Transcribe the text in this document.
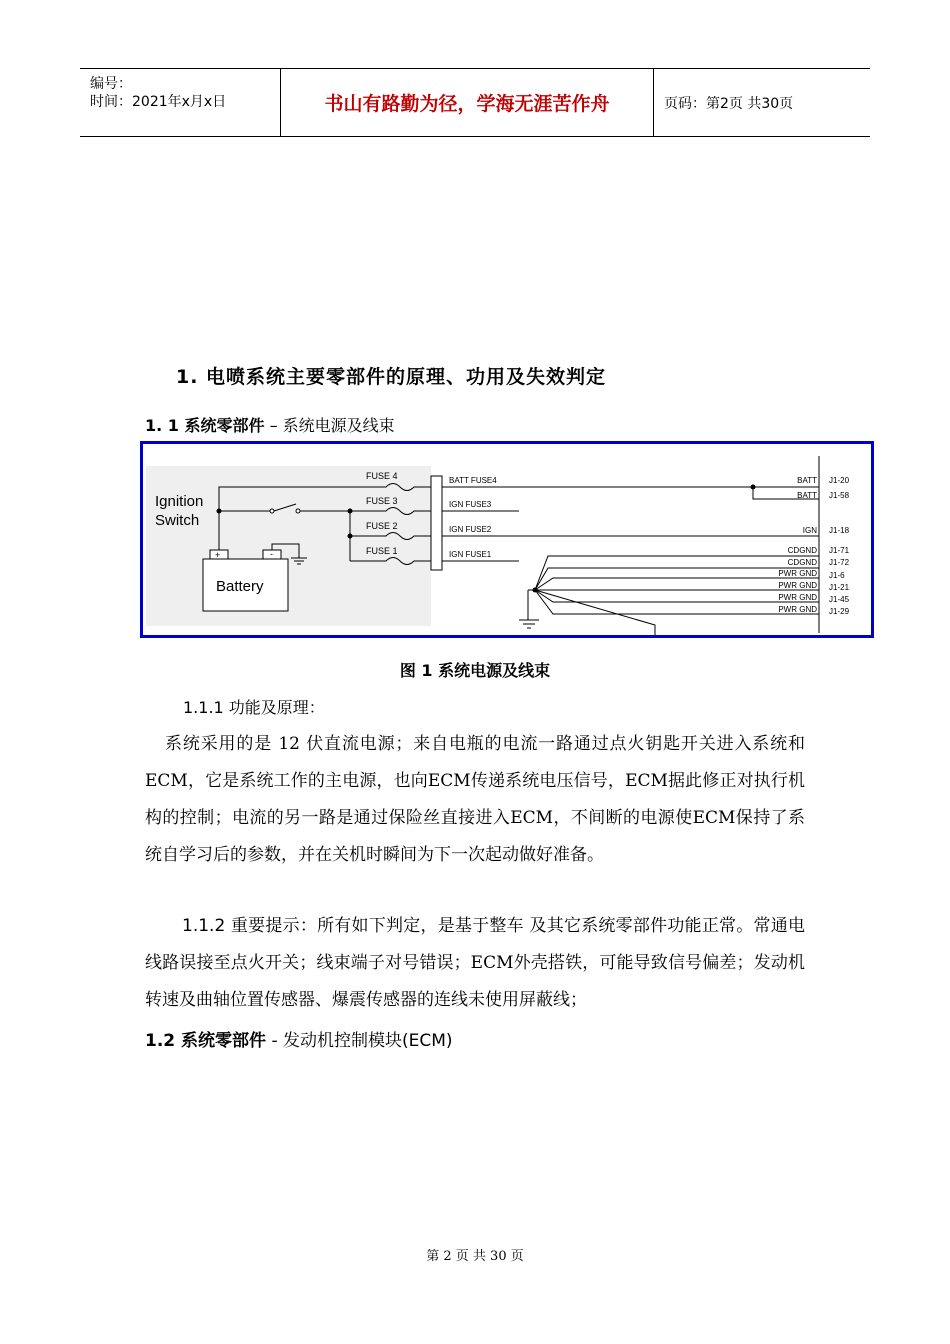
编号：
时间：2021年x月x日	书山有路勤为径，学海无涯苦作舟	页码：第2页 共30页
1. 电喷系统主要零部件的原理、功用及失效判定
1. 1 系统零部件 – 系统电源及线束
Ignition
Switch
Battery
+	-
FUSE 4
FUSE 3
FUSE 2
FUSE 1
BATT FUSE4
IGN FUSE3
IGN FUSE2
IGN FUSE1
BATT
BATT
IGN
CDGND
CDGND
PWR GND
PWR GND
PWR GND
PWR GND
J1-20
J1-58
J1-18
J1-71
J1-72
J1-6
J1-21
J1-45
J1-29
图 1 系统电源及线束
1.1.1 功能及原理：
系统采用的是 12 伏直流电源；来自电瓶的电流一路通过点火钥匙开关进入系统和ECM，它是系统工作的主电源，也向ECM传递系统电压信号，ECM据此修正对执行机构的控制；电流的另一路是通过保险丝直接进入ECM，不间断的电源使ECM保持了系统自学习后的参数，并在关机时瞬间为下一次起动做好准备。
1.1.2 重要提示：所有如下判定，是基于整车 及其它系统零部件功能正常。常通电线路误接至点火开关；线束端子对号错误；ECM外壳搭铁，可能导致信号偏差；发动机转速及曲轴位置传感器、爆震传感器的连线未使用屏蔽线；
1.2 系统零部件 - 发动机控制模块(ECM)
第 2 页 共 30 页
